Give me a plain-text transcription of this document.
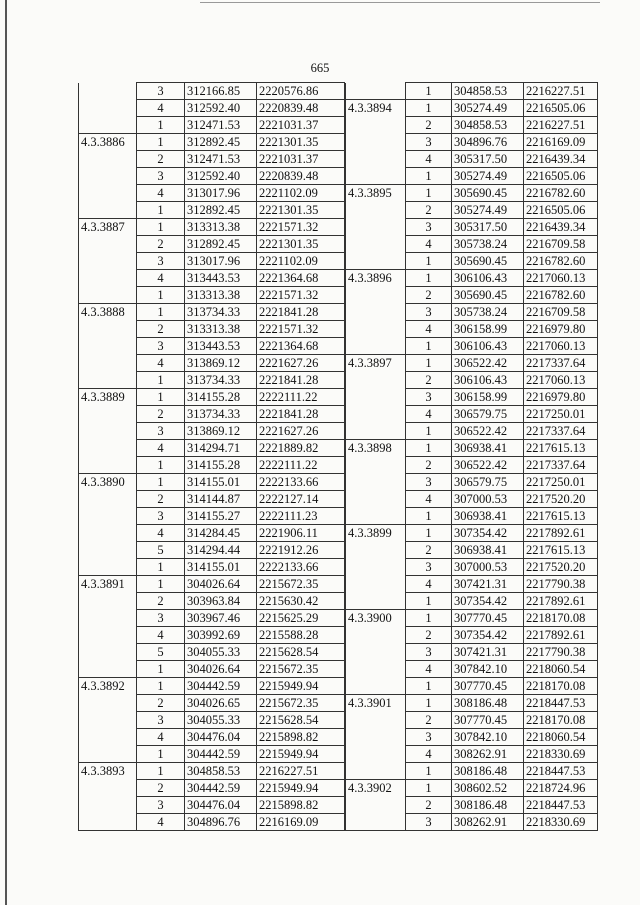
665
	3	312166.85	2220576.86
	4	312592.40	2220839.48
	1	312471.53	2221031.37
4.3.3886	1	312892.45	2221301.35
	2	312471.53	2221031.37
	3	312592.40	2220839.48
	4	313017.96	2221102.09
	1	312892.45	2221301.35
4.3.3887	1	313313.38	2221571.32
	2	312892.45	2221301.35
	3	313017.96	2221102.09
	4	313443.53	2221364.68
	1	313313.38	2221571.32
4.3.3888	1	313734.33	2221841.28
	2	313313.38	2221571.32
	3	313443.53	2221364.68
	4	313869.12	2221627.26
	1	313734.33	2221841.28
4.3.3889	1	314155.28	2222111.22
	2	313734.33	2221841.28
	3	313869.12	2221627.26
	4	314294.71	2221889.82
	1	314155.28	2222111.22
4.3.3890	1	314155.01	2222133.66
	2	314144.87	2222127.14
	3	314155.27	2222111.23
	4	314284.45	2221906.11
	5	314294.44	2221912.26
	1	314155.01	2222133.66
4.3.3891	1	304026.64	2215672.35
	2	303963.84	2215630.42
	3	303967.46	2215625.29
	4	303992.69	2215588.28
	5	304055.33	2215628.54
	1	304026.64	2215672.35
4.3.3892	1	304442.59	2215949.94
	2	304026.65	2215672.35
	3	304055.33	2215628.54
	4	304476.04	2215898.82
	1	304442.59	2215949.94
4.3.3893	1	304858.53	2216227.51
	2	304442.59	2215949.94
	3	304476.04	2215898.82
	4	304896.76	2216169.09
	1	304858.53	2216227.51
4.3.3894	1	305274.49	2216505.06
	2	304858.53	2216227.51
	3	304896.76	2216169.09
	4	305317.50	2216439.34
	1	305274.49	2216505.06
4.3.3895	1	305690.45	2216782.60
	2	305274.49	2216505.06
	3	305317.50	2216439.34
	4	305738.24	2216709.58
	1	305690.45	2216782.60
4.3.3896	1	306106.43	2217060.13
	2	305690.45	2216782.60
	3	305738.24	2216709.58
	4	306158.99	2216979.80
	1	306106.43	2217060.13
4.3.3897	1	306522.42	2217337.64
	2	306106.43	2217060.13
	3	306158.99	2216979.80
	4	306579.75	2217250.01
	1	306522.42	2217337.64
4.3.3898	1	306938.41	2217615.13
	2	306522.42	2217337.64
	3	306579.75	2217250.01
	4	307000.53	2217520.20
	1	306938.41	2217615.13
4.3.3899	1	307354.42	2217892.61
	2	306938.41	2217615.13
	3	307000.53	2217520.20
	4	307421.31	2217790.38
	1	307354.42	2217892.61
4.3.3900	1	307770.45	2218170.08
	2	307354.42	2217892.61
	3	307421.31	2217790.38
	4	307842.10	2218060.54
	1	307770.45	2218170.08
4.3.3901	1	308186.48	2218447.53
	2	307770.45	2218170.08
	3	307842.10	2218060.54
	4	308262.91	2218330.69
	1	308186.48	2218447.53
4.3.3902	1	308602.52	2218724.96
	2	308186.48	2218447.53
	3	308262.91	2218330.69
